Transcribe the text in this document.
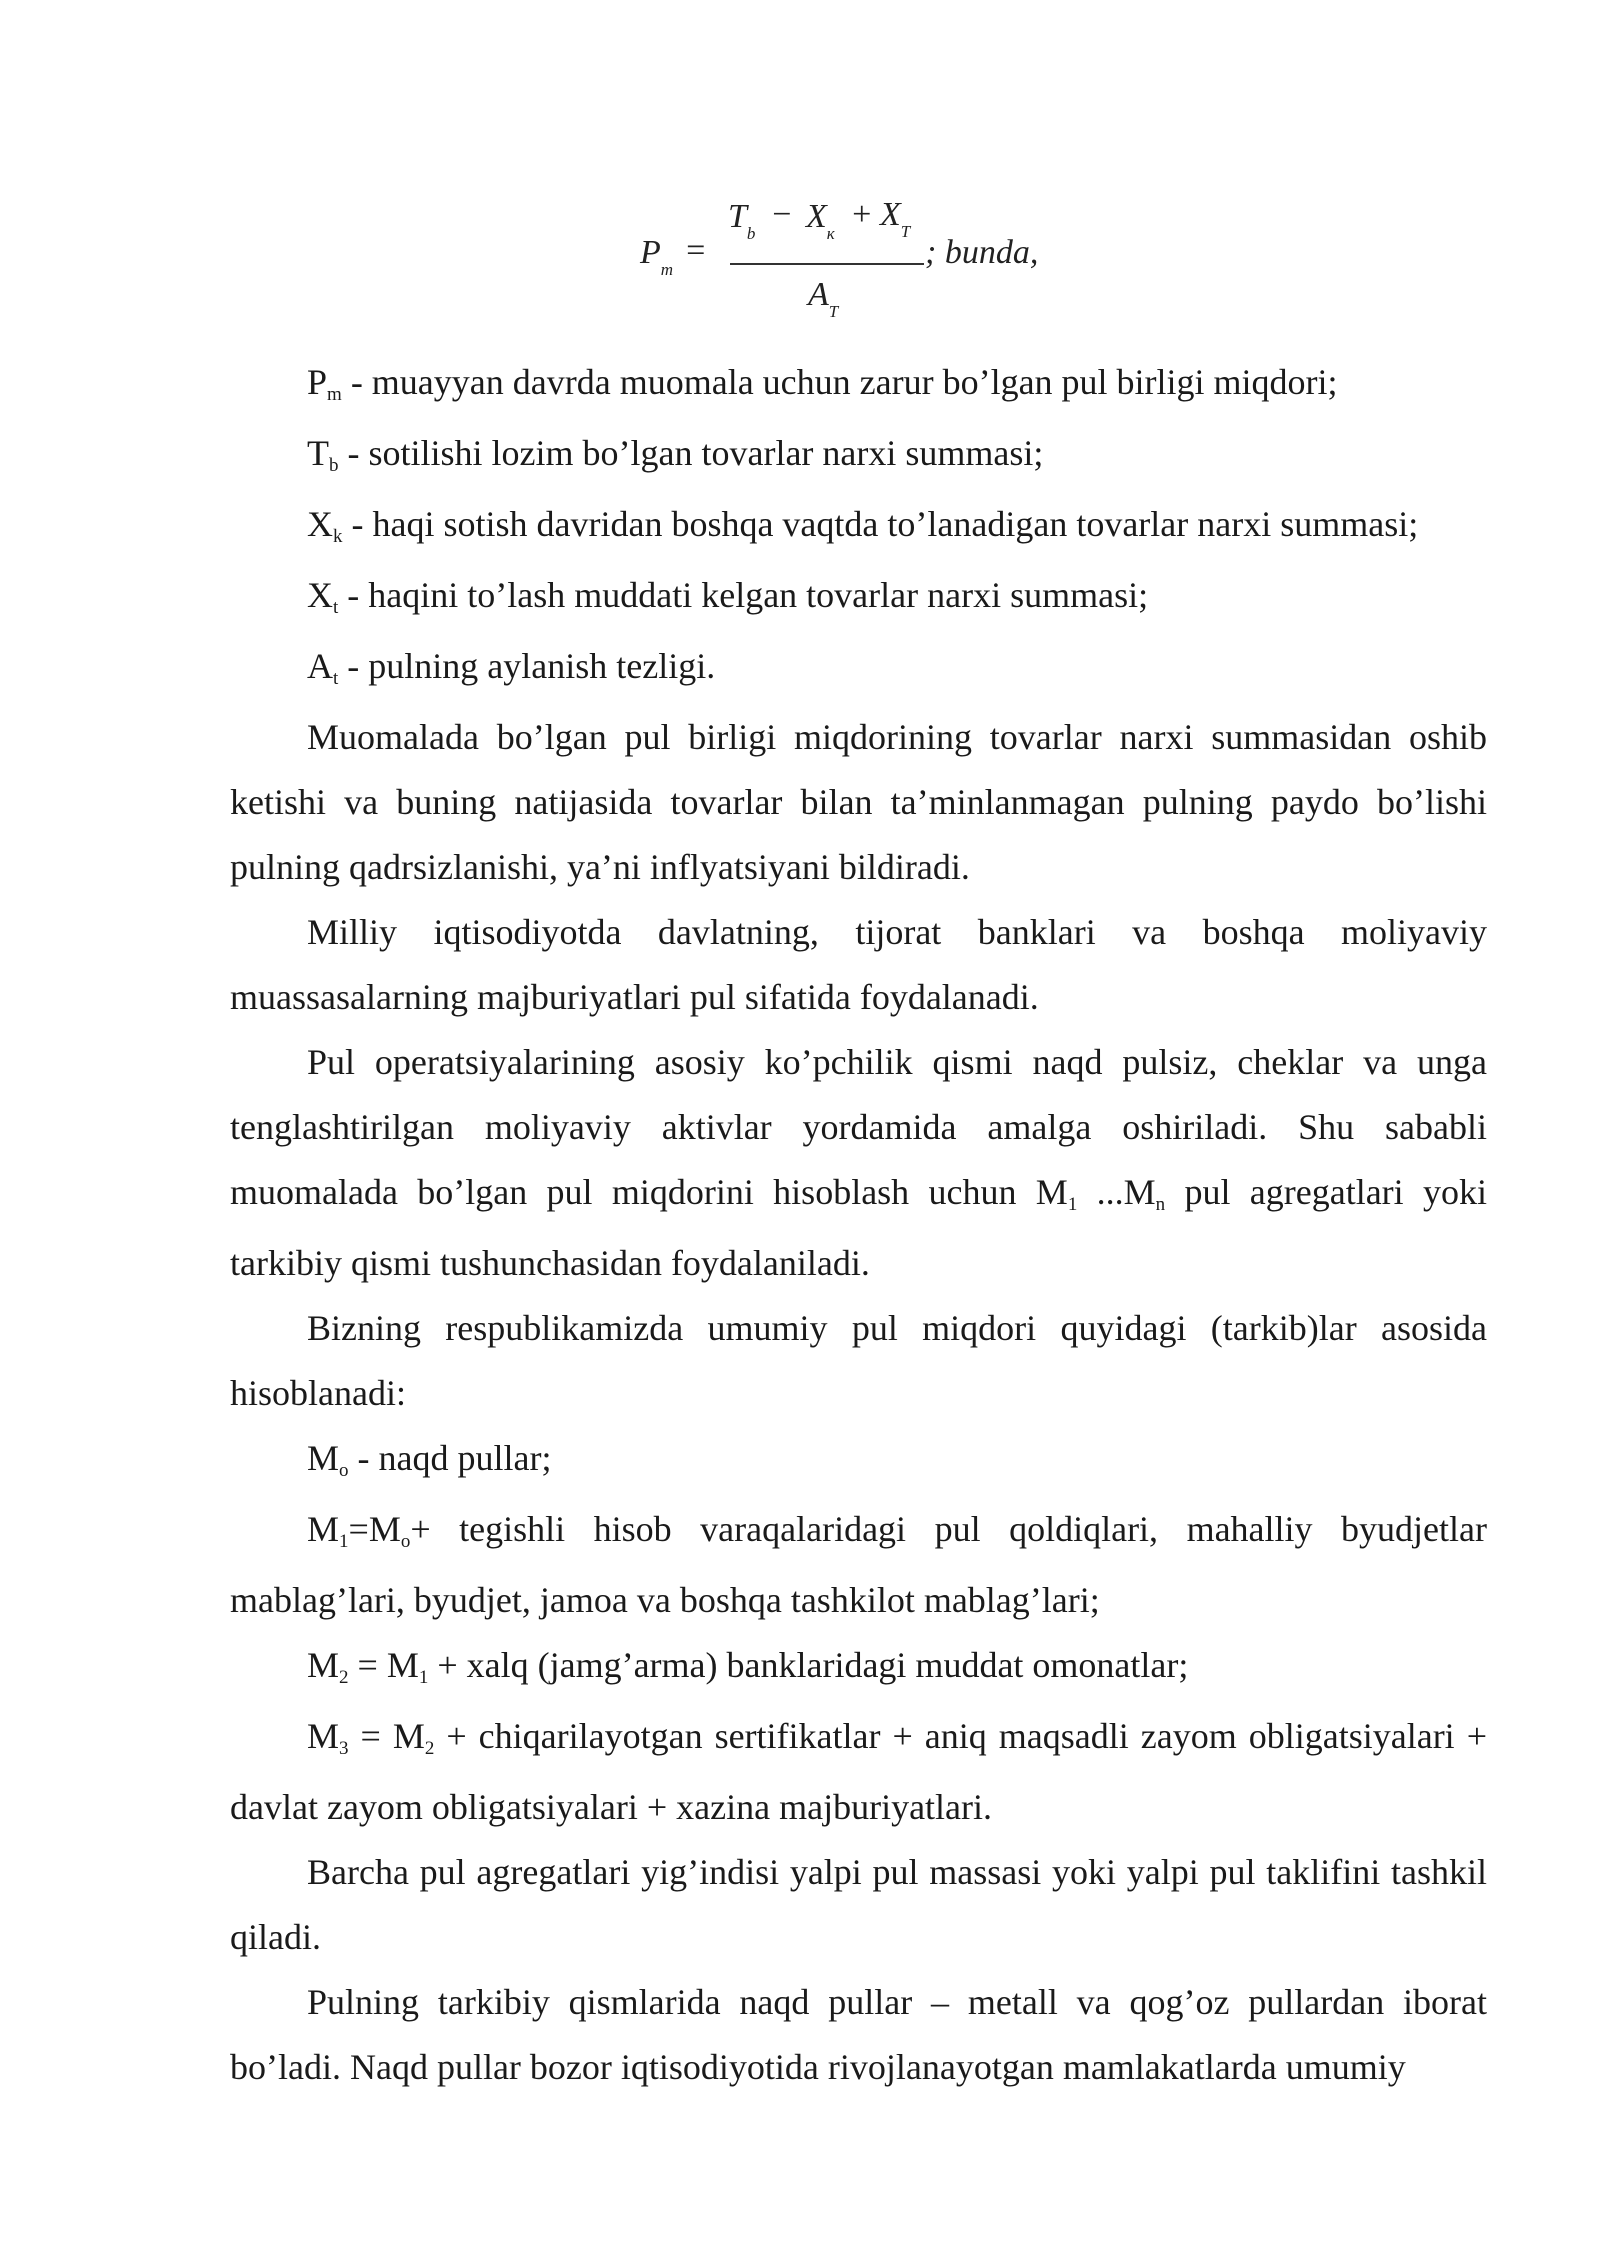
$P_m$
=
$T_b$
− $X_к$
+ $X_T$
$A_T$
; bunda,

$P_m$ - muayyan davrda muomala uchun zarur bo’lgan pul birligi miqdori;

$T_b$ - sotilishi lozim bo’lgan tovarlar narxi summasi;

$X_k$ - haqi sotish davridan boshqa vaqtda to’lanadigan tovarlar narxi summasi;

$X_t$ - haqini to’lash muddati kelgan tovarlar narxi summasi;

$A_t$ - pulning aylanish tezligi.

Muomalada bo’lgan pul birligi miqdorining tovarlar narxi summasidan oshib ketishi va buning natijasida tovarlar bilan ta’minlanmagan pulning paydo bo’lishi pulning qadrsizlanishi, ya’ni inflyatsiyani bildiradi.

Milliy iqtisodiyotda davlatning, tijorat banklari va boshqa moliyaviy muassasalarning majburiyatlari pul sifatida foydalanadi.

Pul operatsiyalarining asosiy ko’pchilik qismi naqd pulsiz, cheklar va unga tenglashtirilgan moliyaviy aktivlar yordamida amalga oshiriladi. Shu sababli muomalada bo’lgan pul miqdorini hisoblash uchun $M_1$ $...M_n$ pul agregatlari yoki tarkibiy qismi tushunchasidan foydalaniladi.

Bizning respublikamizda umumiy pul miqdori quyidagi (tarkib)lar asosida hisoblanadi:

$M_o$ - naqd pullar;

$M_1=M_o+$ tegishli hisob varaqalaridagi pul qoldiqlari, mahalliy byudjetlar mablag’lari, byudjet, jamoa va boshqa tashkilot mablag’lari;

$M_2 = M_1$ + xalq (jamg’arma) banklaridagi muddat omonatlar;

$M_3 = M_2$ + chiqarilayotgan sertifikatlar + aniq maqsadli zayom obligatsiyalari + davlat zayom obligatsiyalari + xazina majburiyatlari.

Barcha pul agregatlari yig’indisi yalpi pul massasi yoki yalpi pul taklifini tashkil qiladi.

Pulning tarkibiy qismlarida naqd pullar – metall va qog’oz pullardan iborat bo’ladi. Naqd pullar bozor iqtisodiyotida rivojlanayotgan mamlakatlarda umumiy
